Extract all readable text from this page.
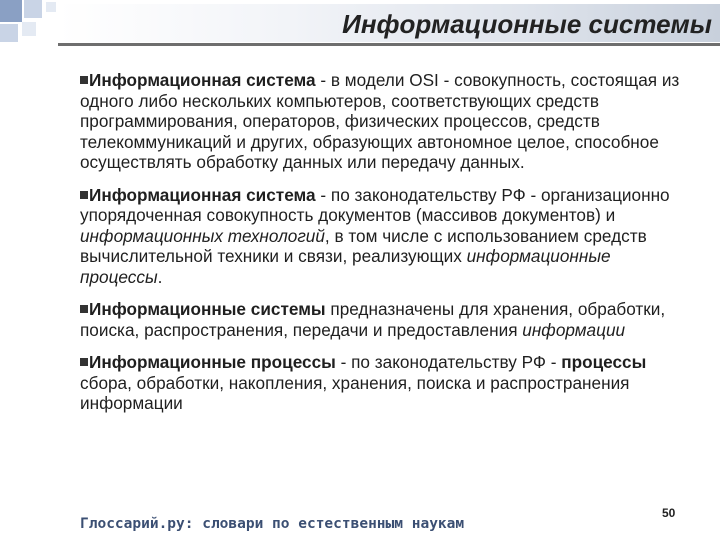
Информационные системы

Информационная система - в модели OSI - совокупность, состоящая из одного либо нескольких компьютеров, соответствующих средств программирования, операторов, физических процессов, средств телекоммуникаций и других, образующих автономное целое, способное осуществлять обработку данных или передачу данных.

Информационная система - по законодательству РФ - организационно упорядоченная совокупность документов (массивов документов) и информационных технологий, в том числе с использованием средств вычислительной техники и связи, реализующих информационные процессы.

Информационные системы предназначены для хранения, обработки, поиска, распространения, передачи и предоставления информации

Информационные процессы - по законодательству РФ - процессы сбора, обработки, накопления, хранения, поиска и распространения информации

Глоссарий.ру: словари по естественным наукам
50
